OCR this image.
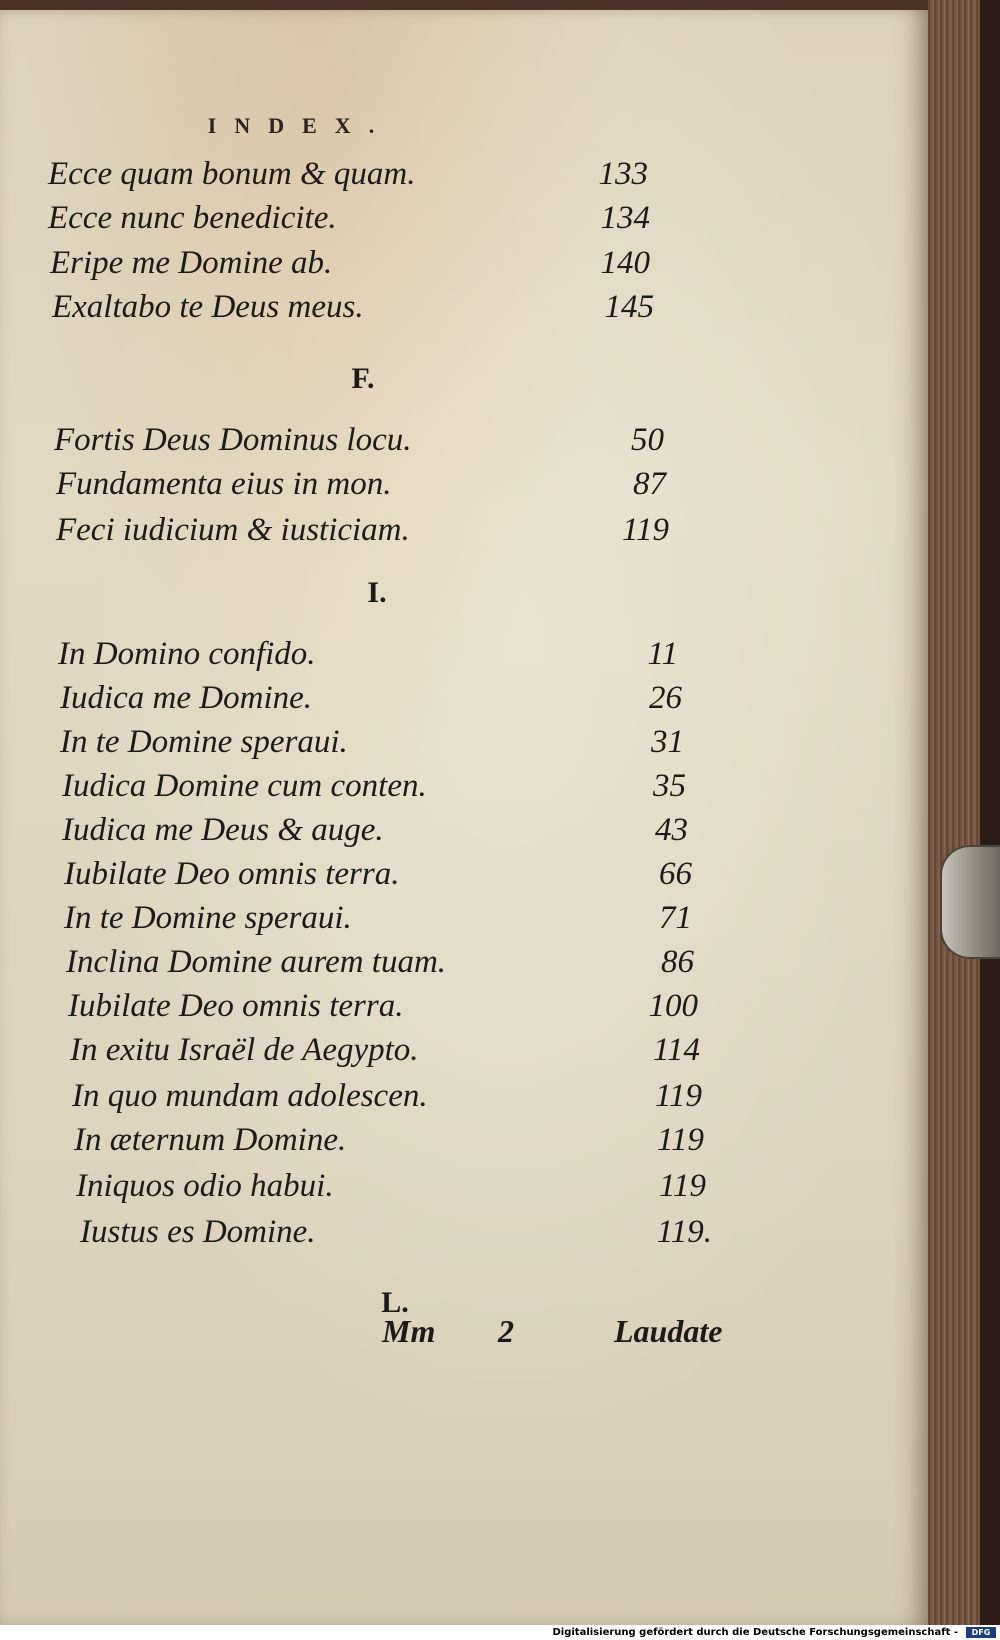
INDEX.
Ecce quam bonum & quam.	133
Ecce nunc benedicite.	134
Eripe me Domine ab.	140
Exaltabo te Deus meus.	145
F.
Fortis Deus Dominus locu.	50
Fundamenta eius in mon.	87
Feci iudicium & iusticiam.	119
I.
In Domino confido.	11
Iudica me Domine.	26
In te Domine speraui.	31
Iudica Domine cum conten.	35
Iudica me Deus & auge.	43
Iubilate Deo omnis terra.	66
In te Domine speraui.	71
Inclina Domine aurem tuam.	86
Iubilate Deo omnis terra.	100
In exitu Israël de Aegypto.	114
In quo mundam adolescen.	119
In æternum Domine.	119
Iniquos odio habui.	119
Iustus es Domine.	119.
L.
Mm 2	Laudate
Digitalisierung gefördert durch die Deutsche Forschungsgemeinschaft -	DFG
